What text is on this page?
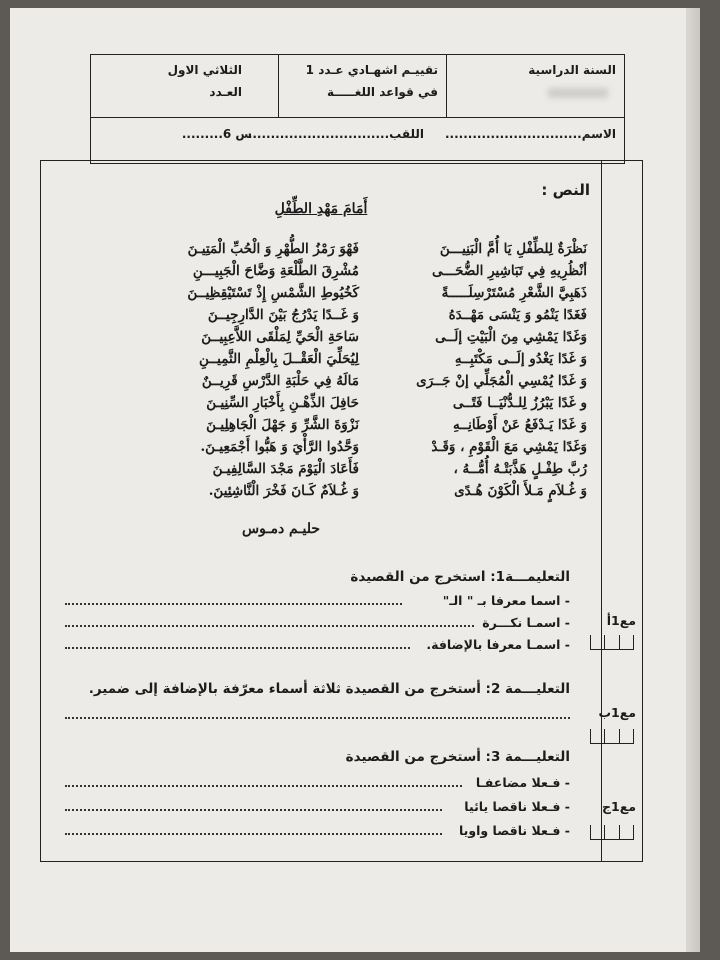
السنة الدراسية
تقييـم اشهـادي عـدد 1
في قواعد اللغـــــة
الثلاثي الاول
العـدد
الاسم..............................
اللقب...............................
س 6.........
النص :
أَمَامَ مَهْدِ الطِّفْلِ
نَظْرَةٌ لِلطِّفْلِ يَا أُمَّ الْبَنِيـــنَ
فَهْوَ رَمْزُ الطُّهْرِ وَ الْحُبِّ الْمَتِيـنَ
أنْظُرِيهِ فِي تَبَاشِيرِ الضُّحَـــى
مُشْرِقَ الطَّلْعَةِ وَضَّاحَ الْجَبِيـــنِ
ذَهَبِيَّ الشَّعْرِ مُسْتَرْسِلَـــــةً
كَخُيُوطِ الشَّمْسِ إِذْ تَسْتَيْقِظِيــنَ
فَغَدًا يَنْمُو وَ يَنْسَى مَهْــدَهُ
وَ غَــدًا يَدْرُجُ بَيْنَ الدَّارِجِيــنَ
وَغَدًا يَمْشِي مِنَ الْبَيْتِ إلَــى
سَاحَةِ الْحَيِّ لِمَلْقَى اللاَّعِبِيــنَ
وَ غَدًا يَغْدُو إلَــى مَكْتَبِــهِ
لِيُحَلِّيَ الْعَقْــلَ بِالْعِلْمِ الثَّمِيــنِ
وَ غَدًا يُمْسِي الْمُجَلِّي إنْ جَــرَى
مَالَهُ فِي حَلْبَةِ الدَّرْسِ قَرِيــنٌ
و غَدًا يَبْرُزُ لِلـدُّنْيَــا فَتًــى
حَافِلَ الذِّهْـنِ بِأَخْبَارِ السِّنِيـنَ
وَ غَدًا يَـدْفَعُ عَنْ أَوْطَانِــهِ
نَزْوَةَ الشَّرِّ وَ جَهْلَ الْجَاهِلِيـنَ
وَغَدًا يَمْشِي مَعَ الْقَوْمِ ، وَقَـدْ
وَحَّدُوا الرَّأْيَ وَ هَبُّوا أَجْمَعِيـنَ.
رُبَّ طِفْـلٍ هَذَّبَتْـهُ أُمُّــهُ ،
فَأَعَادَ الْيَوْمَ مَجْدَ السَّالِفِيـنَ
وَ غُـلاَمٍ مَـلأَ الْكَوْنَ هُـدًى
وَ غُـلاَمٌ كَـانَ فَخْرَ الْنَّاشِئِينَ.
حليـم دمـوس
التعليمـــة1: استخرج من القصيدة
- اسما معرفا بـ " الـ"
- اسمـا نكـــرة
- اسمـا معرفا بالإضافة.
مع1أ
التعليـــمة 2: أستخرج من القصيدة ثلاثة أسماء معرّفة بالإضافة إلى ضمير.
مع1ب
التعليـــمة 3: أستخرج من القصيدة
- فـعلا مضاعفـا
- فـعلا ناقصا يائيا
- فـعلا ناقصا واويا
مع1ج
